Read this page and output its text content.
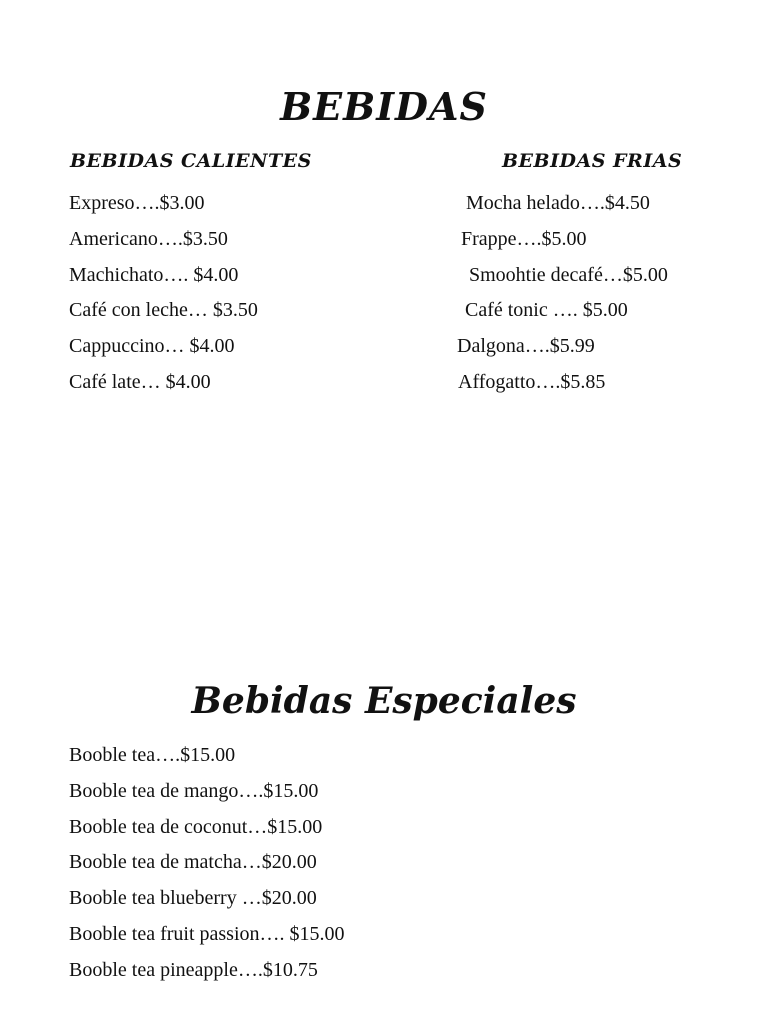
BEBIDAS
BEBIDAS CALIENTES	BEBIDAS FRIAS
Expreso….$3.00
Americano….$3.50
Machichato…. $4.00
Café con leche… $3.50
Cappuccino… $4.00
Café late… $4.00
Mocha helado….$4.50
Frappe….$5.00
Smoohtie decafé…$5.00
Café tonic …. $5.00
Dalgona….$5.99
Affogatto….$5.85
Bebidas Especiales
Booble tea….$15.00
Booble tea de mango….$15.00
Booble tea de coconut…$15.00
Booble tea de matcha…$20.00
Booble tea blueberry …$20.00
Booble tea fruit passion…. $15.00
Booble tea pineapple….$10.75
